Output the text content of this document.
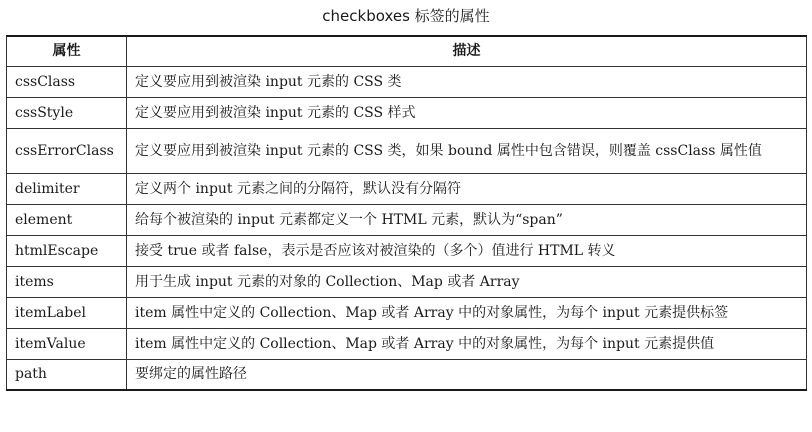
checkboxes 标签的属性
属性	描述
cssClass	定义要应用到被渲染 input 元素的 CSS 类
cssStyle	定义要应用到被渲染 input 元素的 CSS 样式
cssErrorClass	定义要应用到被渲染 input 元素的 CSS 类，如果 bound 属性中包含错误，则覆盖 cssClass 属性值
delimiter	定义两个 input 元素之间的分隔符，默认没有分隔符
element	给每个被渲染的 input 元素都定义一个 HTML 元素，默认为“span”
htmlEscape	接受 true 或者 false，表示是否应该对被渲染的（多个）值进行 HTML 转义
items	用于生成 input 元素的对象的 Collection、Map 或者 Array
itemLabel	item 属性中定义的 Collection、Map 或者 Array 中的对象属性，为每个 input 元素提供标签
itemValue	item 属性中定义的 Collection、Map 或者 Array 中的对象属性，为每个 input 元素提供值
path	要绑定的属性路径
